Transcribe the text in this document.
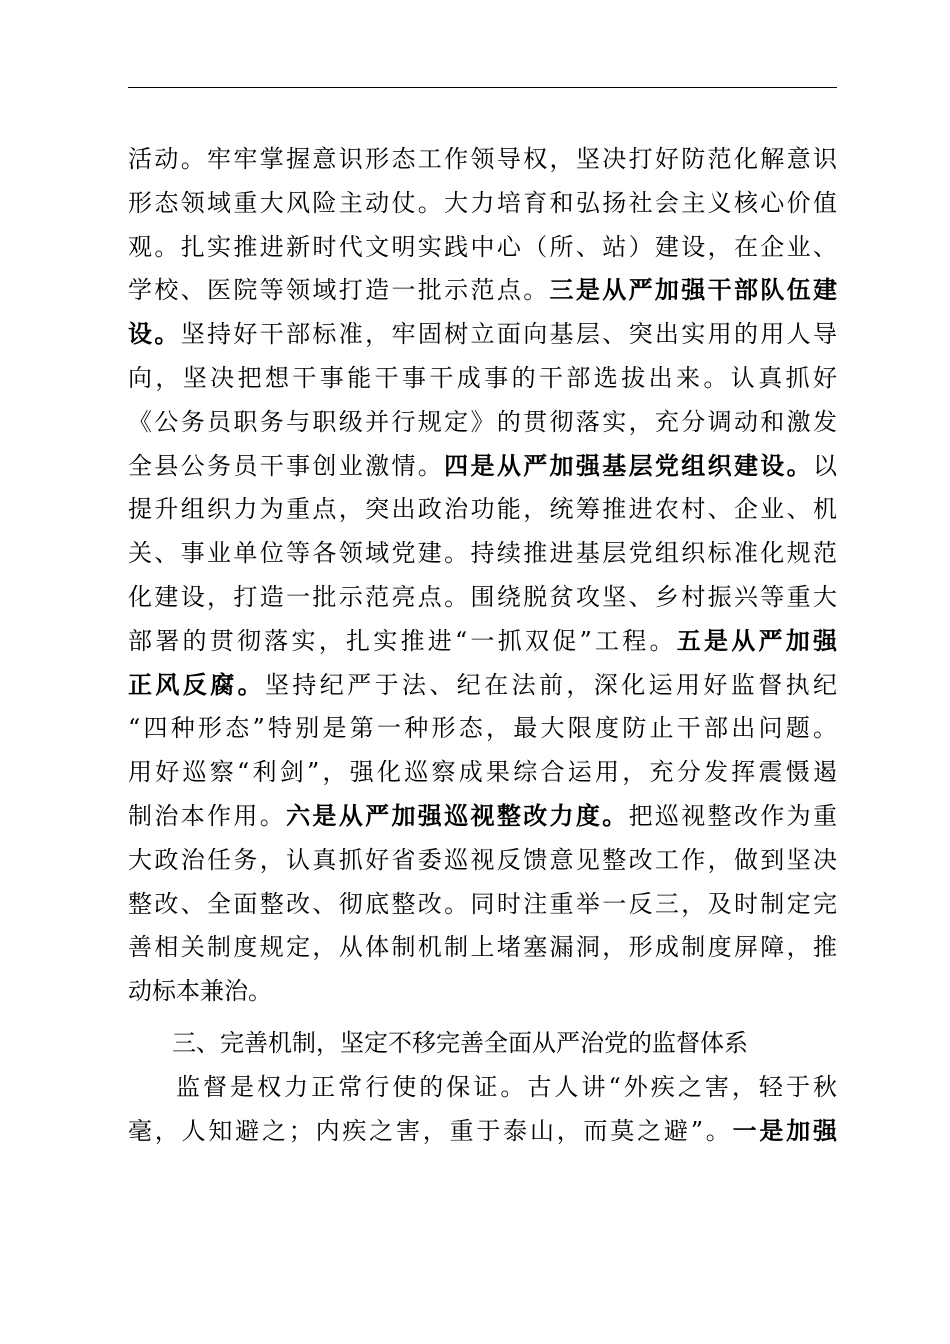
活动。牢牢掌握意识形态工作领导权，坚决打好防范化解意识
形态领域重大风险主动仗。大力培育和弘扬社会主义核心价值
观。扎实推进新时代文明实践中心（所、站）建设，在企业、
学校、医院等领域打造一批示范点。三是从严加强干部队伍建
设。坚持好干部标准，牢固树立面向基层、突出实用的用人导
向，坚决把想干事能干事干成事的干部选拔出来。认真抓好
《公务员职务与职级并行规定》的贯彻落实，充分调动和激发
全县公务员干事创业激情。四是从严加强基层党组织建设。以
提升组织力为重点，突出政治功能，统筹推进农村、企业、机
关、事业单位等各领域党建。持续推进基层党组织标准化规范
化建设，打造一批示范亮点。围绕脱贫攻坚、乡村振兴等重大
部署的贯彻落实，扎实推进“一抓双促”工程。五是从严加强
正风反腐。坚持纪严于法、纪在法前，深化运用好监督执纪
“四种形态”特别是第一种形态，最大限度防止干部出问题。
用好巡察“利剑”，强化巡察成果综合运用，充分发挥震慑遏
制治本作用。六是从严加强巡视整改力度。把巡视整改作为重
大政治任务，认真抓好省委巡视反馈意见整改工作，做到坚决
整改、全面整改、彻底整改。同时注重举一反三，及时制定完
善相关制度规定，从体制机制上堵塞漏洞，形成制度屏障，推
动标本兼治。
三、完善机制，坚定不移完善全面从严治党的监督体系
监督是权力正常行使的保证。古人讲“外疾之害，轻于秋
毫，人知避之；内疾之害，重于泰山，而莫之避”。一是加强
